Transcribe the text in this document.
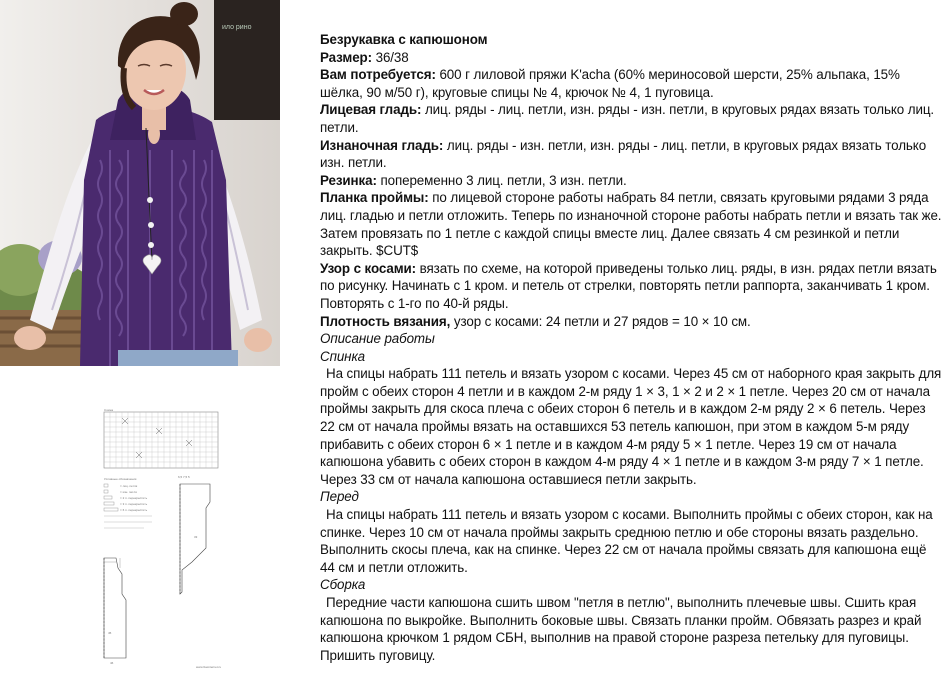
ило рино

Безрукавка с капюшоном

Размер: 36/38

Вам потребуется: 600 г лиловой пряжи K'acha (60% мериносовой шерсти, 25% альпака, 15% шёлка, 90 м/50 г), круговые спицы № 4, крючок № 4, 1 пуговица.

Лицевая гладь: лиц. ряды - лиц. петли, изн. ряды - изн. петли, в круговых рядах вязать только лиц. петли.

Изнаночная гладь: лиц. ряды - изн. петли, изн. ряды - лиц. петли, в круговых рядах вязать только изн. петли.

Резинка: попеременно 3 лиц. петли, 3 изн. петли.

Планка проймы: по лицевой стороне работы набрать 84 петли, связать круговыми рядами 3 ряда лиц. гладью и петли отложить. Теперь по изнаночной стороне работы набрать петли и вязать так же. Затем провязать по 1 петле с каждой спицы вместе лиц. Далее связать 4 см резинкой и петли закрыть. $CUT$

Узор с косами: вязать по схеме, на которой приведены только лиц. ряды, в изн. рядах петли вязать по рисунку. Начинать с 1 кром. и петель от стрелки, повторять петли раппорта, заканчивать 1 кром. Повторять с 1-го по 40-й ряды.

Плотность вязания, узор с косами: 24 петли и 27 рядов = 10 × 10 см.

Описание работы

Спинка

На спицы набрать 111 петель и вязать узором с косами. Через 45 см от наборного края закрыть для пройм с обеих сторон 4 петли и в каждом 2-м ряду 1 × 3, 1 × 2 и 2 × 1 петле. Через 20 см от начала проймы закрыть для скоса плеча с обеих сторон 6 петель и в каждом 2-м ряду 2 × 6 петель. Через 22 см от начала проймы вязать на оставшихся 53 петель капюшон, при этом в каждом 5-м ряду прибавить с обеих сторон 6 × 1 петле и в каждом 4-м ряду 5 × 1 петле. Через 19 см от начала капюшона убавить с обеих сторон в каждом 4-м ряду 4 × 1 петле и в каждом 3-м ряду 7 × 1 петле. Через 33 см от начала капюшона оставшиеся петли закрыть.

Перед

На спицы набрать 111 петель и вязать узором с косами. Выполнить проймы с обеих сторон, как на спинке. Через 10 см от начала проймы закрыть среднюю петлю и обе стороны вязать раздельно. Выполнить скосы плеча, как на спинке. Через 22 см от начала проймы связать для капюшона ещё 44 см и петли отложить.

Сборка

Передние части капюшона сшить швом "петля в петлю", выполнить плечевые швы. Сшить края капюшона по выкройке. Выполнить боковые швы. Связать планки пройм. Обвязать разрез и край капюшона крючком 1 рядом СБН, выполнив на правой стороне разреза петельку для пуговицы. Пришить пуговицу.

Схема
Условные обозначения
= лиц. петля
= изн. петля
= 2 п. перекрестить
= 3 п. перекрестить
= 6 п. перекрестить
6,5 7,5 5
33
45
46
www.liveinternet.ru
